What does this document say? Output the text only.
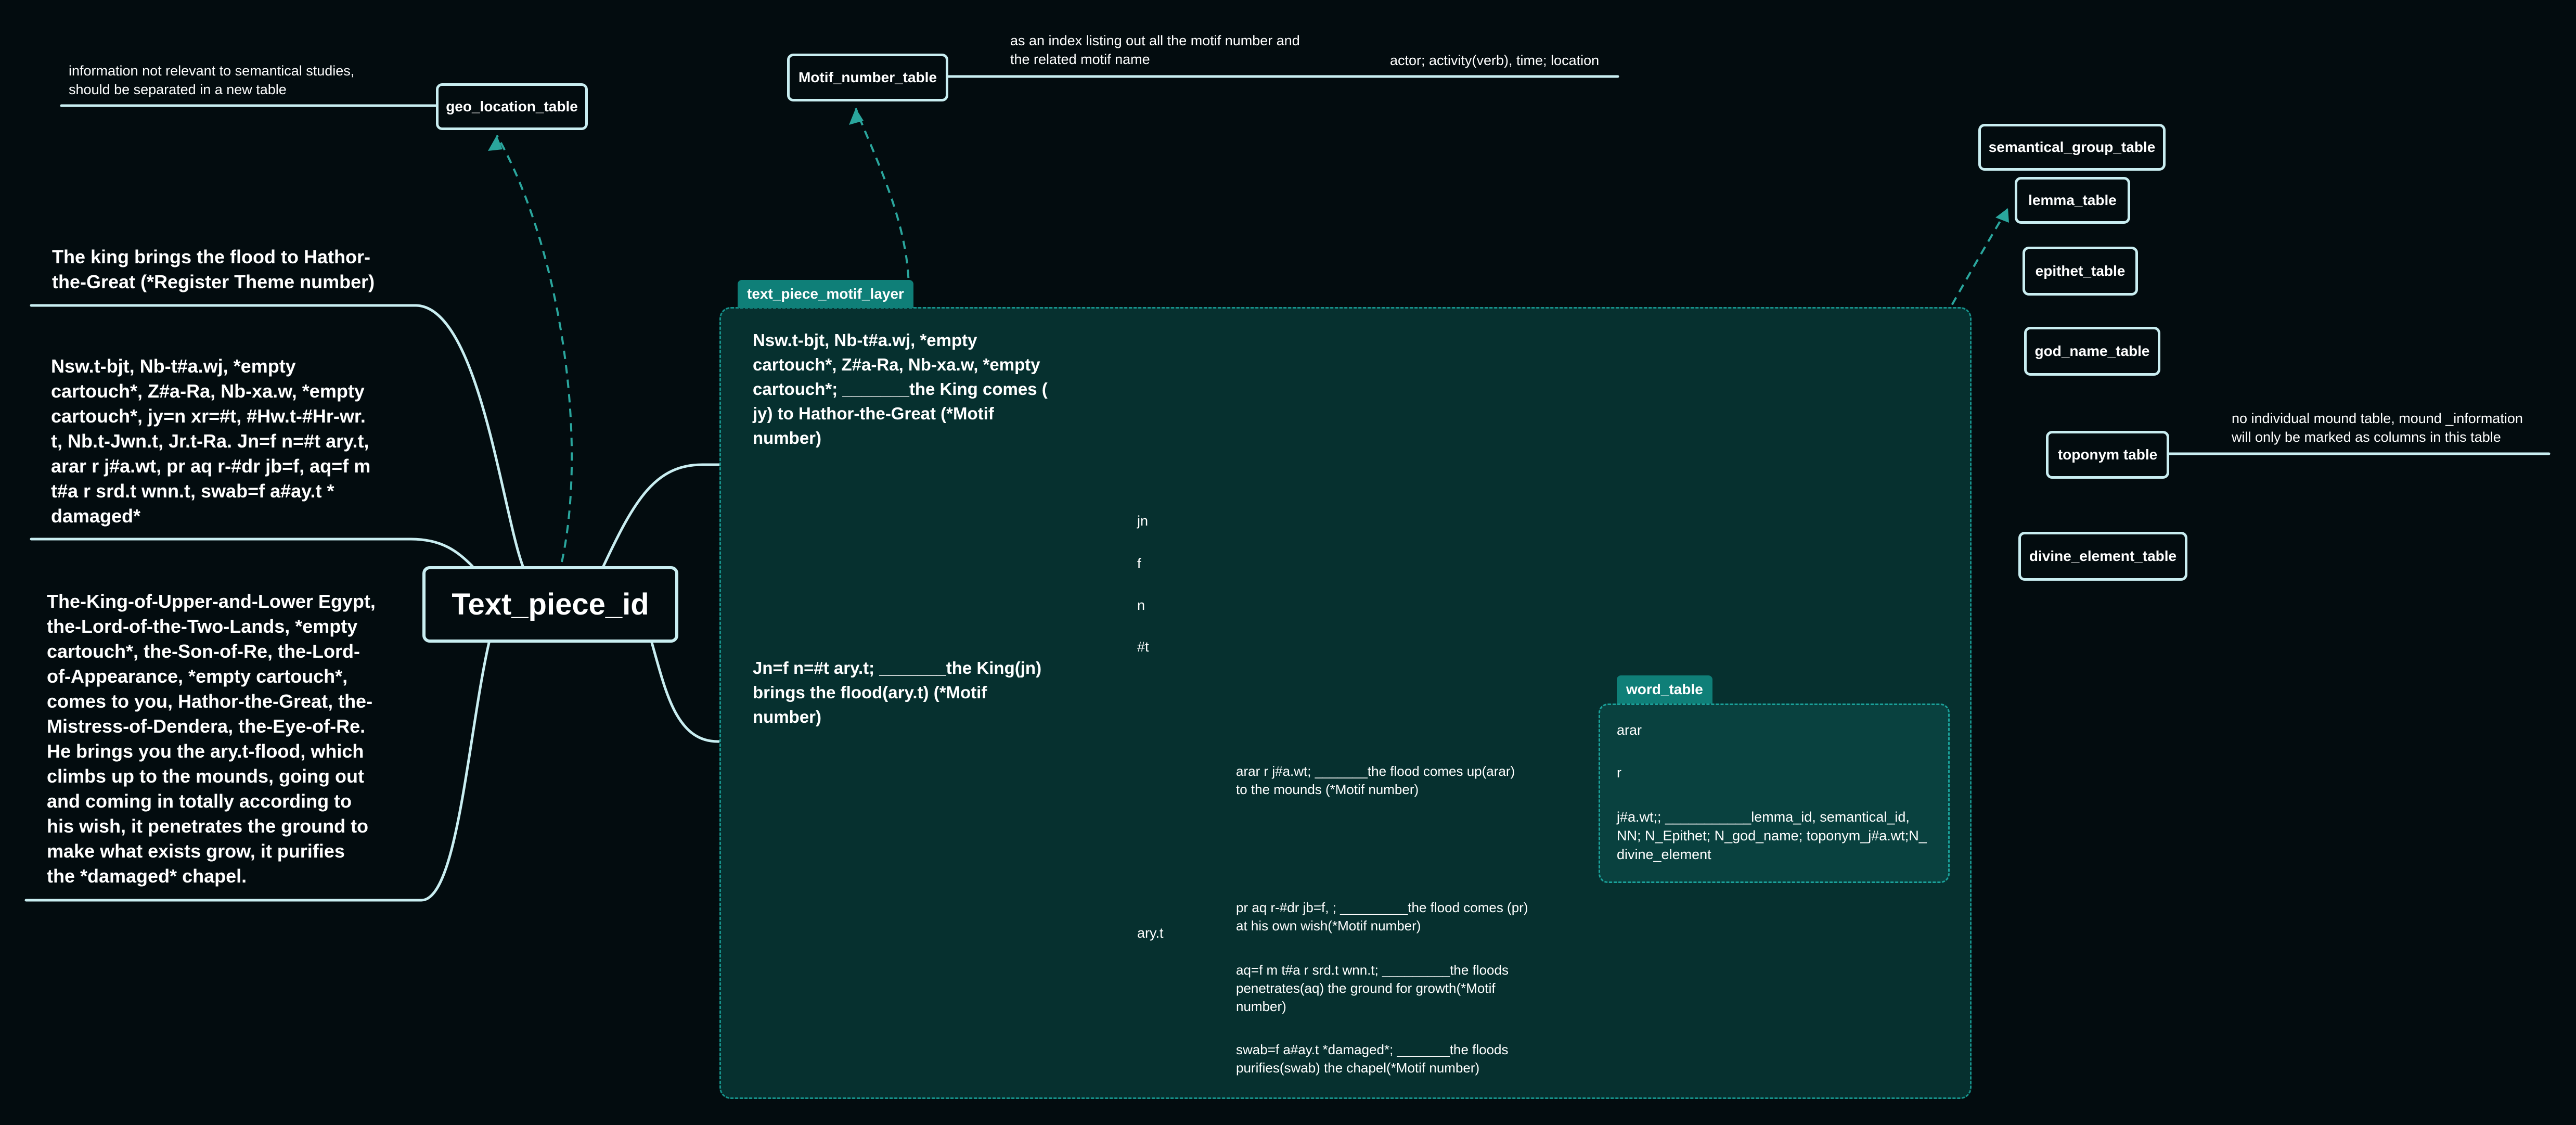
information not relevant to semantical studies,
should be separated in a new table
as an index listing out all the motif number and
the related motif name	actor; activity(verb), time; location
no individual mound table, mound _information
will only be marked as columns in this table
geo_location_table
Motif_number_table
semantical_group_table
lemma_table
epithet_table
god_name_table
toponym table
divine_element_table
The king brings the flood to Hathor-
the-Great (*Register Theme number)
Nsw.t-bjt, Nb-t#a.wj, *empty
cartouch*, Z#a-Ra, Nb-xa.w, *empty
cartouch*, jy=n xr=#t, #Hw.t-#Hr-wr.
t, Nb.t-Jwn.t, Jr.t-Ra. Jn=f n=#t ary.t,
arar r j#a.wt, pr aq r-#dr jb=f, aq=f m
t#a r srd.t wnn.t, swab=f a#ay.t *
damaged*
The-King-of-Upper-and-Lower Egypt,
the-Lord-of-the-Two-Lands, *empty
cartouch*, the-Son-of-Re, the-Lord-
of-Appearance, *empty cartouch*,
comes to you, Hathor-the-Great, the-
Mistress-of-Dendera, the-Eye-of-Re.
He brings you the ary.t-flood, which
climbs up to the mounds, going out
and coming in totally according to
his wish, it penetrates the ground to
make what exists grow, it purifies
the *damaged* chapel.
Text_piece_id
text_piece_motif_layer
Nsw.t-bjt, Nb-t#a.wj, *empty
cartouch*, Z#a-Ra, Nb-xa.w, *empty
cartouch*; _______the King comes (
jy) to Hathor-the-Great (*Motif
number)
Jn=f n=#t ary.t; _______the King(jn)
brings the flood(ary.t) (*Motif
number)
jn
f
n
#t
ary.t
arar r j#a.wt; _______the flood comes up(arar)
to the mounds (*Motif number)
pr aq r-#dr jb=f, ; _________the flood comes (pr)
at his own wish(*Motif number)
aq=f m t#a r srd.t wnn.t; _________the floods
penetrates(aq) the ground for growth(*Motif
number)
swab=f a#ay.t *damaged*; _______the floods
purifies(swab) the chapel(*Motif number)
word_table
arar
r
j#a.wt;; ___________lemma_id, semantical_id,
NN; N_Epithet; N_god_name; toponym_j#a.wt;N_
divine_element
